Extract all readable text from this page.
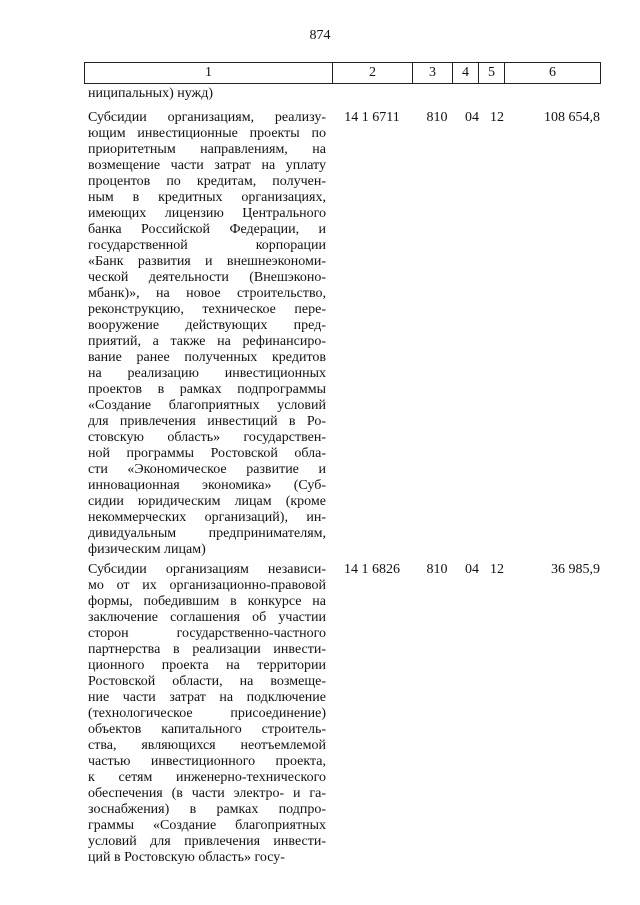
874
1	2	3	4	5	6
ниципальных) нужд)

Субсидии организациям, реализу-
ющим инвестиционные проекты по
приоритетным направлениям, на
возмещение части затрат на уплату
процентов по кредитам, получен-
ным в кредитных организациях,
имеющих лицензию Центрального
банка Российской Федерации, и
государственной корпорации
«Банк развития и внешнеэкономи-
ческой деятельности (Внешэконо-
мбанк)», на новое строительство,
реконструкцию, техническое пере-
вооружение действующих пред-
приятий, а также на рефинансиро-
вание ранее полученных кредитов
на реализацию инвестиционных
проектов в рамках подпрограммы
«Создание благоприятных условий
для привлечения инвестиций в Ро-
стовскую область» государствен-
ной программы Ростовской обла-
сти «Экономическое развитие и
инновационная экономика» (Суб-
сидии юридическим лицам (кроме
некоммерческих организаций), ин-
дивидуальным предпринимателям,
физическим лицам)

14 1 6711	810	04 12	108 654,8

Субсидии организациям независи-
мо от их организационно-правовой
формы, победившим в конкурсе на
заключение соглашения об участии
сторон государственно-частного
партнерства в реализации инвести-
ционного проекта на территории
Ростовской области, на возмеще-
ние части затрат на подключение
(технологическое присоединение)
объектов капитального строитель-
ства, являющихся неотъемлемой
частью инвестиционного проекта,
к сетям инженерно-технического
обеспечения (в части электро- и га-
зоснабжения) в рамках подпро-
граммы «Создание благоприятных
условий для привлечения инвести-
ций в Ростовскую область» госу-

14 1 6826	810	04 12	36 985,9
